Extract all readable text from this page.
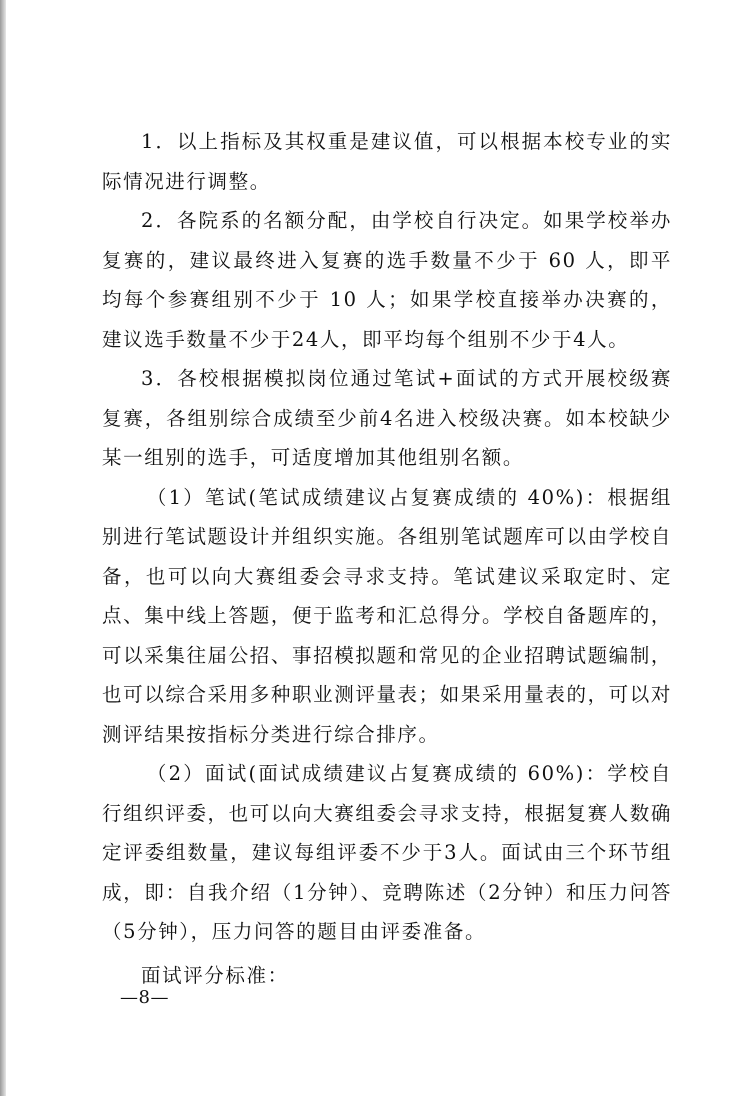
1．以上指标及其权重是建议值，可以根据本校专业的实际情况进行调整。

2．各院系的名额分配，由学校自行决定。如果学校举办复赛的，建议最终进入复赛的选手数量不少于 60 人，即平均每个参赛组别不少于 10 人；如果学校直接举办决赛的，建议选手数量不少于24人，即平均每个组别不少于4人。

3．各校根据模拟岗位通过笔试+面试的方式开展校级赛复赛，各组别综合成绩至少前4名进入校级决赛。如本校缺少某一组别的选手，可适度增加其他组别名额。

（1）笔试(笔试成绩建议占复赛成绩的 40%)：根据组别进行笔试题设计并组织实施。各组别笔试题库可以由学校自备，也可以向大赛组委会寻求支持。笔试建议采取定时、定点、集中线上答题，便于监考和汇总得分。学校自备题库的，可以采集往届公招、事招模拟题和常见的企业招聘试题编制，也可以综合采用多种职业测评量表；如果采用量表的，可以对测评结果按指标分类进行综合排序。

（2）面试(面试成绩建议占复赛成绩的 60%)：学校自行组织评委，也可以向大赛组委会寻求支持，根据复赛人数确定评委组数量，建议每组评委不少于3人。面试由三个环节组成，即：自我介绍（1分钟）、竞聘陈述（2分钟）和压力问答（5分钟），压力问答的题目由评委准备。

面试评分标准：

—8—
